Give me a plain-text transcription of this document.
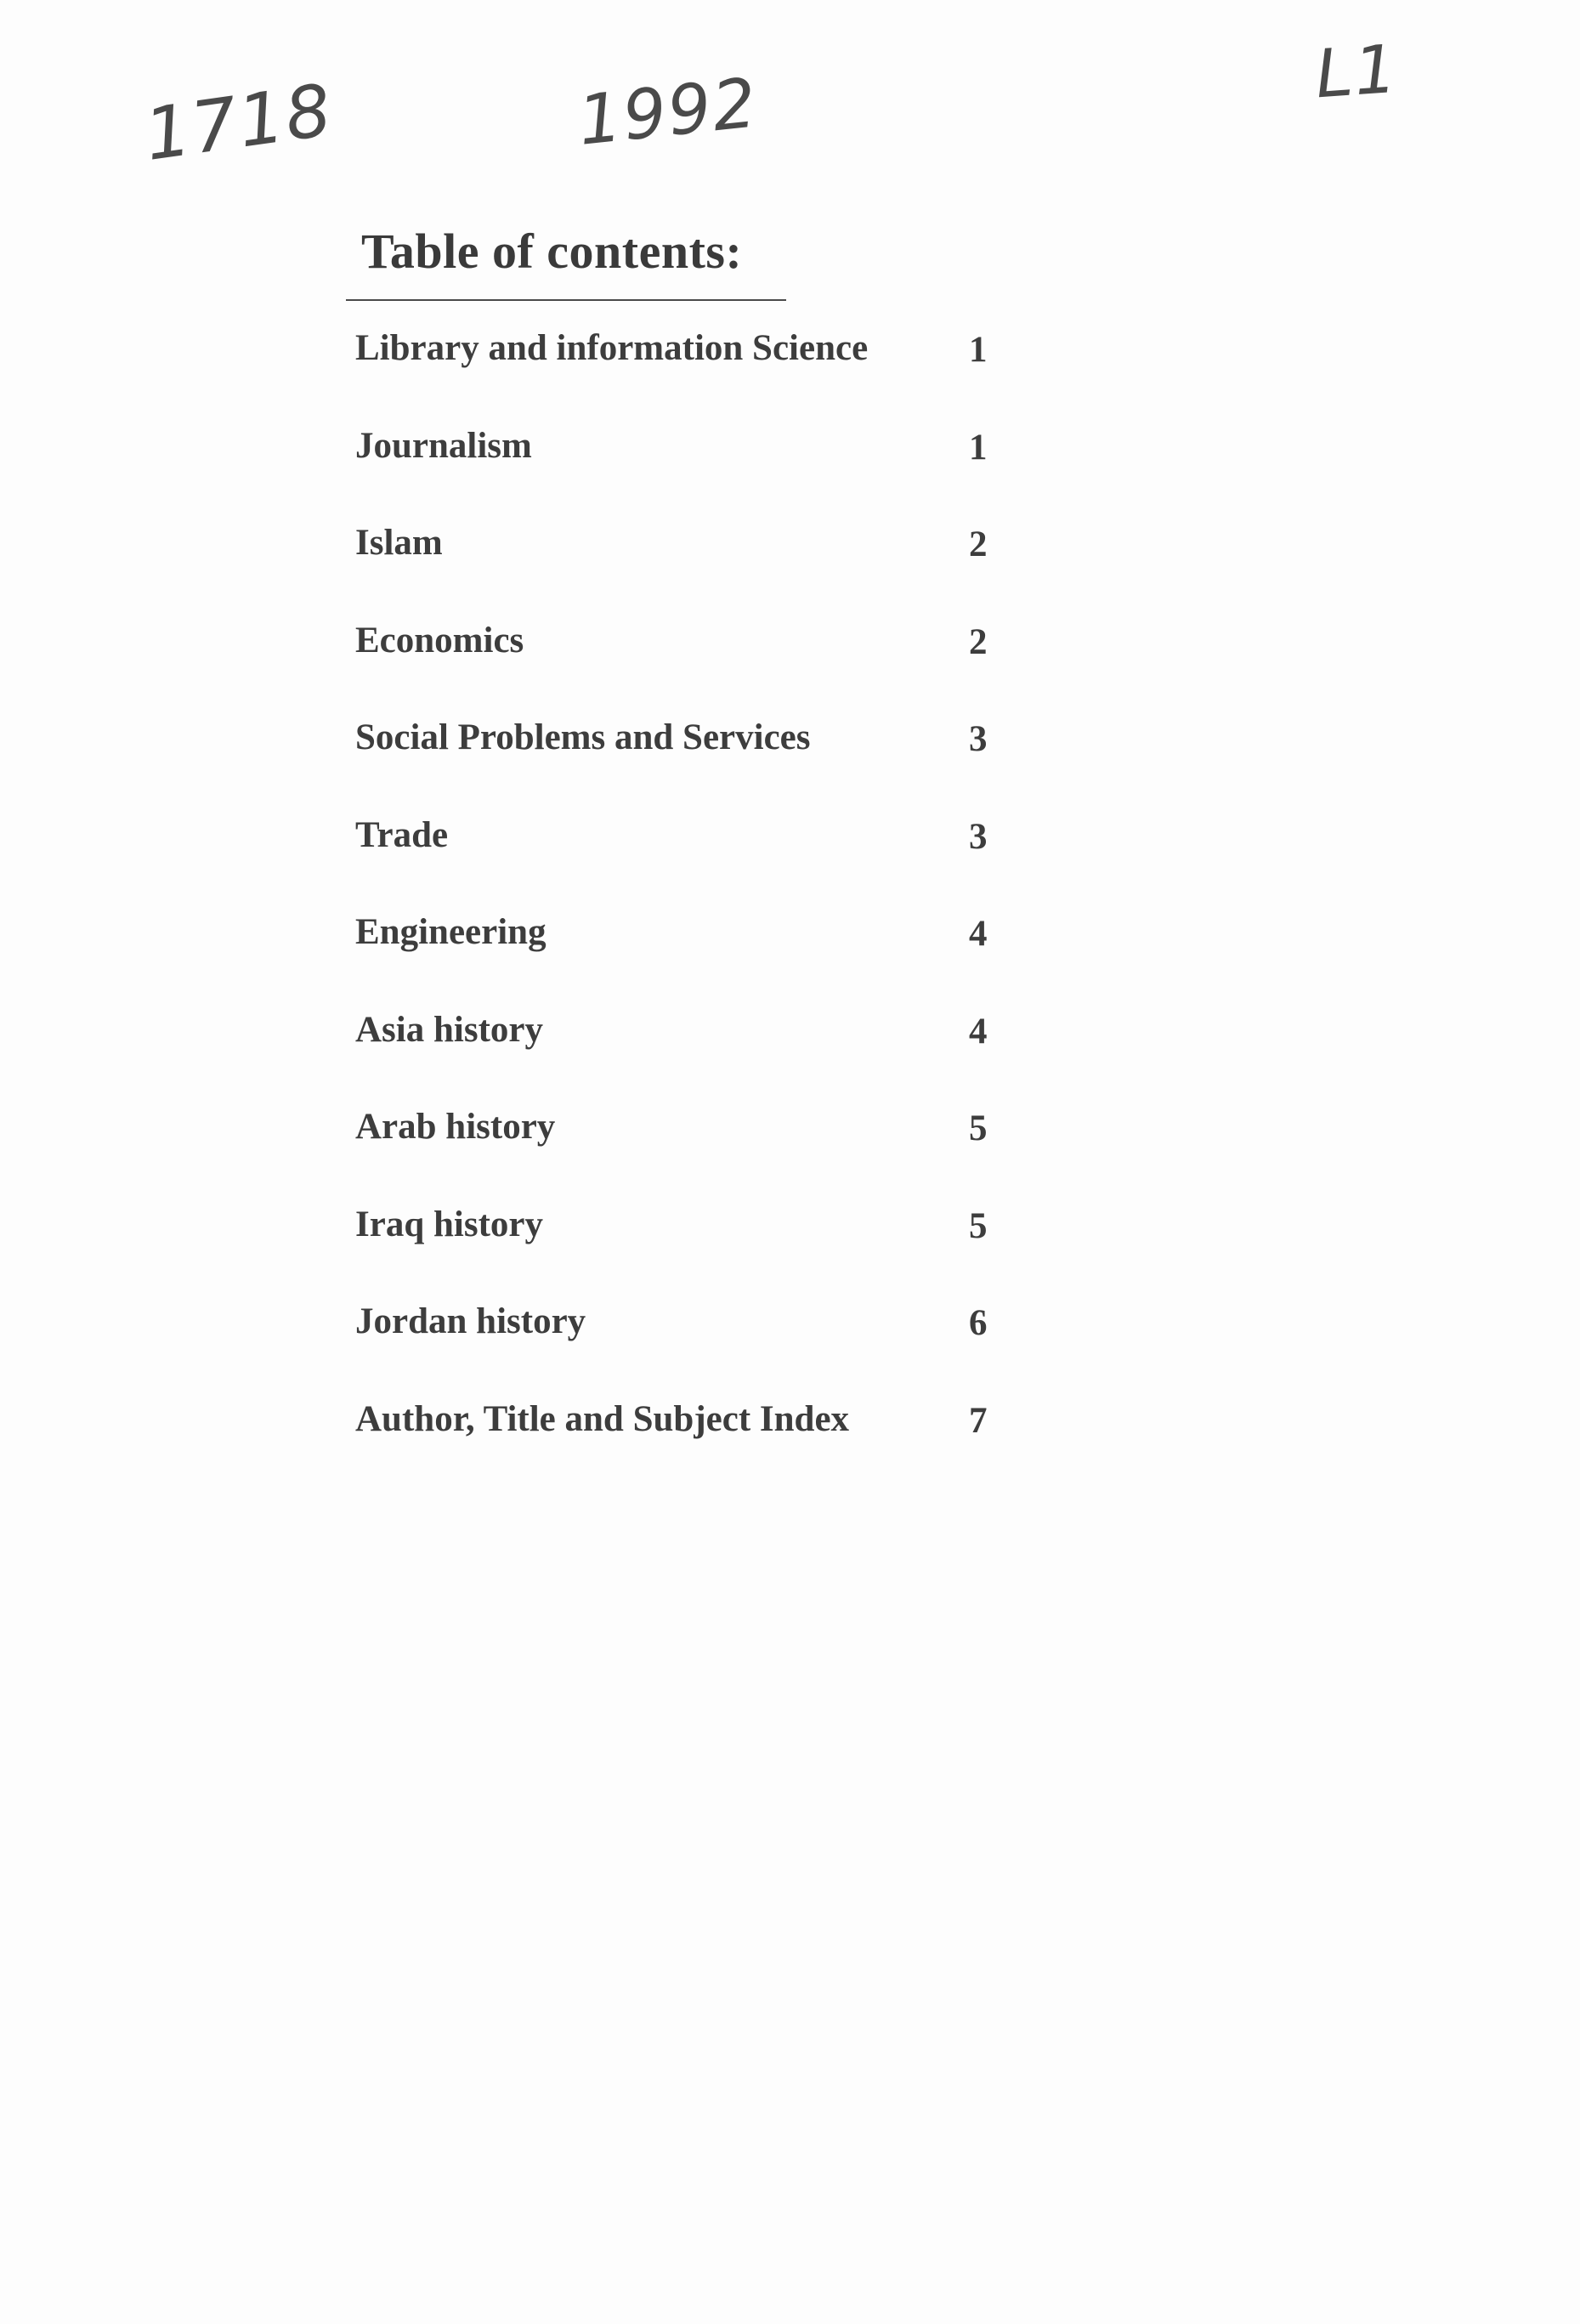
1718	1992	L1
Table of contents:
Library and information Science	1
Journalism	1
Islam	2
Economics	2
Social Problems and Services	3
Trade	3
Engineering	4
Asia history	4
Arab history	5
Iraq history	5
Jordan history	6
Author, Title and Subject Index	7
